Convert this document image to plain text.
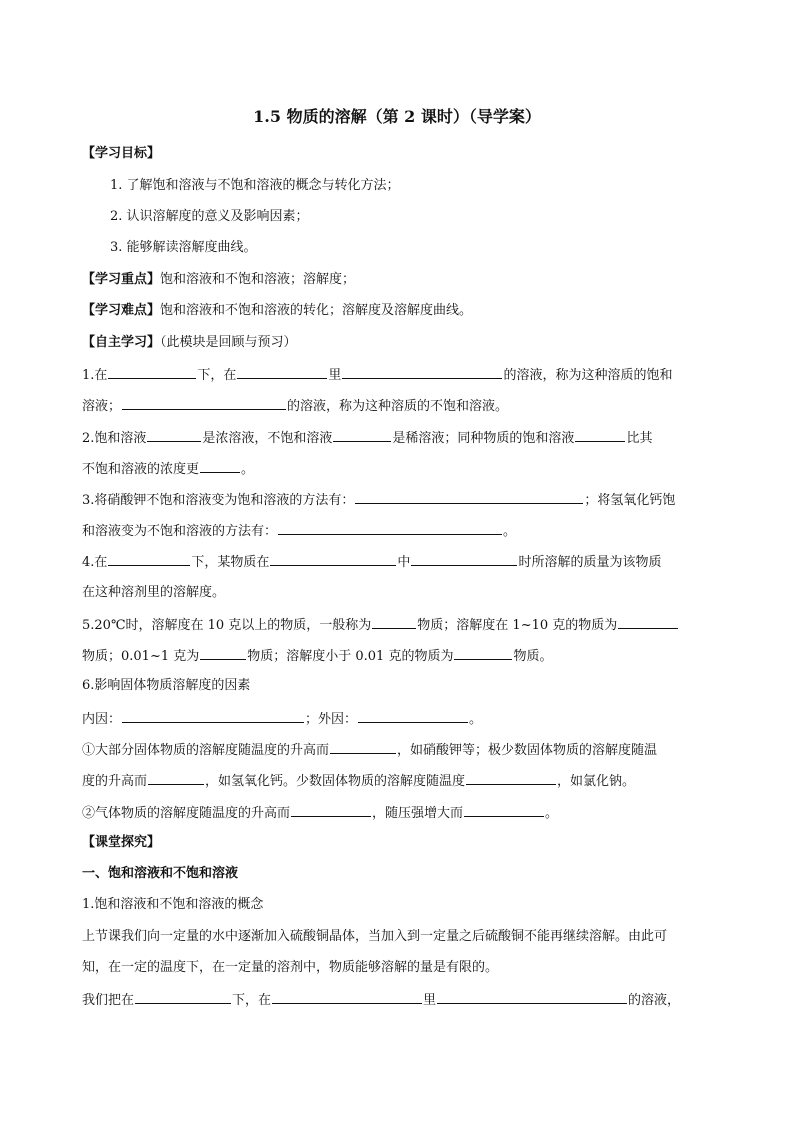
1.5 物质的溶解（第 2 课时）（导学案）
【学习目标】
1. 了解饱和溶液与不饱和溶液的概念与转化方法；
2. 认识溶解度的意义及影响因素；
3. 能够解读溶解度曲线。
【学习重点】饱和溶液和不饱和溶液；溶解度；
【学习难点】饱和溶液和不饱和溶液的转化；溶解度及溶解度曲线。
【自主学习】（此模块是回顾与预习）
1.在	下，在	里	的溶液，称为这种溶质的饱和
溶液；	的溶液，称为这种溶质的不饱和溶液。
2.饱和溶液	是浓溶液，不饱和溶液	是稀溶液；同种物质的饱和溶液	比其
不饱和溶液的浓度更	。
3.将硝酸钾不饱和溶液变为饱和溶液的方法有：	；将氢氧化钙饱
和溶液变为不饱和溶液的方法有：	。
4.在	下，某物质在	中	时所溶解的质量为该物质
在这种溶剂里的溶解度。
5.20℃时，溶解度在 10 克以上的物质，一般称为	物质；溶解度在 1~10 克的物质为
物质；0.01~1 克为	物质；溶解度小于 0.01 克的物质为	物质。
6.影响固体物质溶解度的因素
内因：	；外因：	。
①大部分固体物质的溶解度随温度的升高而	，如硝酸钾等；极少数固体物质的溶解度随温
度的升高而	，如氢氧化钙。少数固体物质的溶解度随温度	，如氯化钠。
②气体物质的溶解度随温度的升高而	，随压强增大而	。
【课堂探究】
一、饱和溶液和不饱和溶液
1.饱和溶液和不饱和溶液的概念
上节课我们向一定量的水中逐渐加入硫酸铜晶体，当加入到一定量之后硫酸铜不能再继续溶解。由此可
知，在一定的温度下，在一定量的溶剂中，物质能够溶解的量是有限的。
我们把在	下，在	里	的溶液，
